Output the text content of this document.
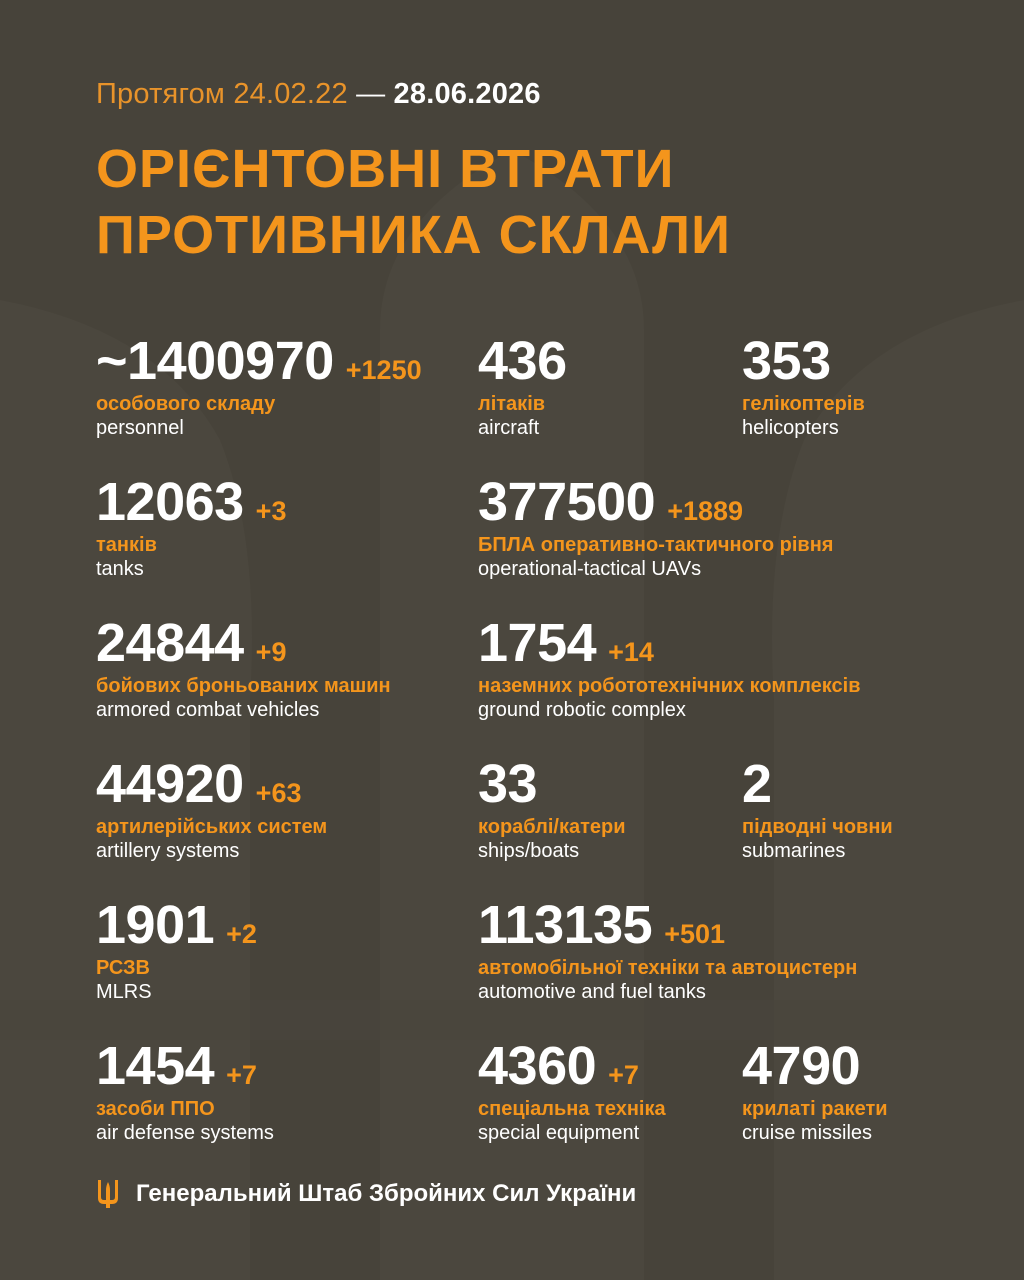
Протягом 24.02.22 — 28.06.2026
ОРІЄНТОВНІ ВТРАТИ
ПРОТИВНИКА СКЛАЛИ
~1400970 +1250
особового складу
personnel
436
літаків
aircraft
353
гелікоптерів
helicopters
12063 +3
танків
tanks
377500 +1889
БПЛА оперативно-тактичного рівня
operational-tactical UAVs
24844 +9
бойових броньованих машин
armored combat vehicles
1754 +14
наземних робототехнічних комплексів
ground robotic complex
44920 +63
артилерійських систем
artillery systems
33
кораблі/катери
ships/boats
2
підводні човни
submarines
1901 +2
РСЗВ
MLRS
113135 +501
автомобільної техніки та автоцистерн
automotive and fuel tanks
1454 +7
засоби ППО
air defense systems
4360 +7
спеціальна техніка
special equipment
4790
крилаті ракети
cruise missiles
Генеральний Штаб Збройних Сил України
